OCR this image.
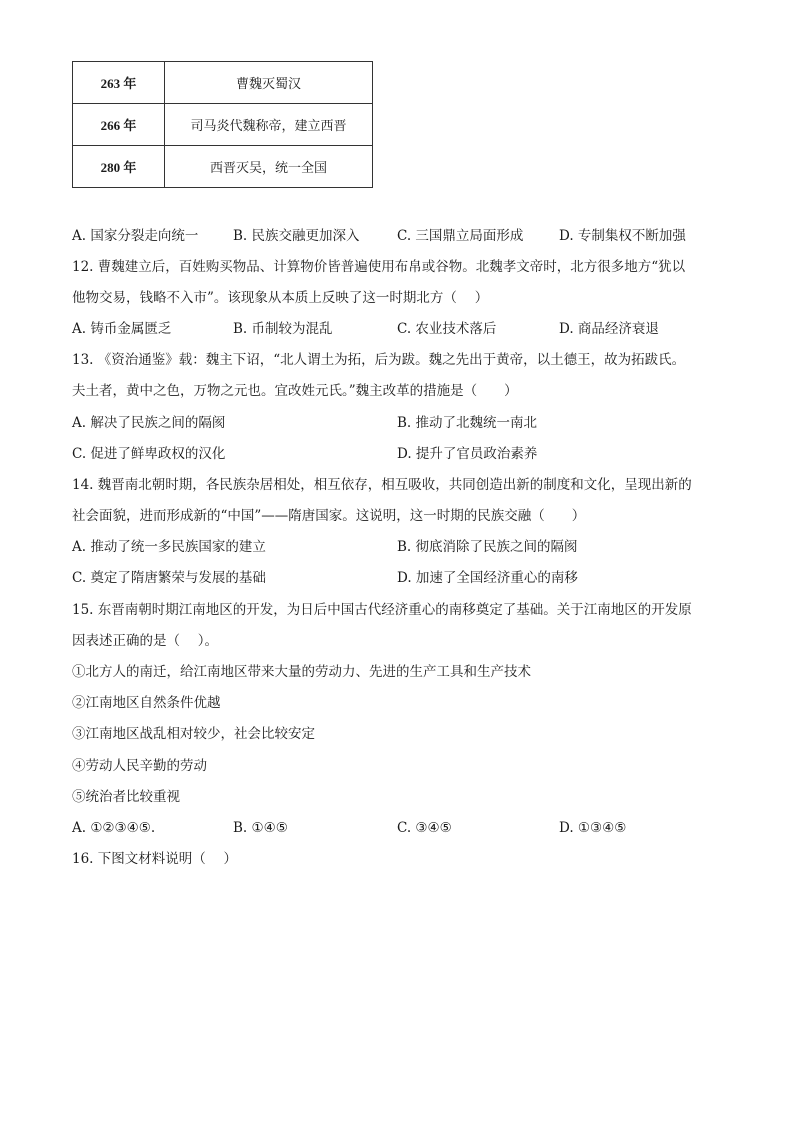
263 年	曹魏灭蜀汉
266 年	司马炎代魏称帝，建立西晋
280 年	西晋灭吴，统一全国
A. 国家分裂走向统一	B. 民族交融更加深入	C. 三国鼎立局面形成	D. 专制集权不断加强
12. 曹魏建立后，百姓购买物品、计算物价皆普遍使用布帛或谷物。北魏孝文帝时，北方很多地方“犹以
他物交易，钱略不入市”。该现象从本质上反映了这一时期北方（　 ）
A. 铸币金属匮乏	B. 币制较为混乱	C. 农业技术落后	D. 商品经济衰退
13. 《资治通鉴》载：魏主下诏，“北人谓土为拓，后为跋。魏之先出于黄帝，以土德王，故为拓跋氏。
夫土者，黄中之色，万物之元也。宜改姓元氏。”魏主改革的措施是（　　）
A. 解决了民族之间的隔阂	B. 推动了北魏统一南北
C. 促进了鲜卑政权的汉化	D. 提升了官员政治素养
14. 魏晋南北朝时期，各民族杂居相处，相互依存，相互吸收，共同创造出新的制度和文化，呈现出新的
社会面貌，进而形成新的“中国”——隋唐国家。这说明，这一时期的民族交融（　　）
A. 推动了统一多民族国家的建立	B. 彻底消除了民族之间的隔阂
C. 奠定了隋唐繁荣与发展的基础	D. 加速了全国经济重心的南移
15. 东晋南朝时期江南地区的开发，为日后中国古代经济重心的南移奠定了基础。关于江南地区的开发原
因表述正确的是（　 ）。
①北方人的南迁，给江南地区带来大量的劳动力、先进的生产工具和生产技术
②江南地区自然条件优越
③江南地区战乱相对较少，社会比较安定
④劳动人民辛勤的劳动
⑤统治者比较重视
A. ①②③④⑤.	B. ①④⑤	C. ③④⑤	D. ①③④⑤
16. 下图文材料说明（　 ）
